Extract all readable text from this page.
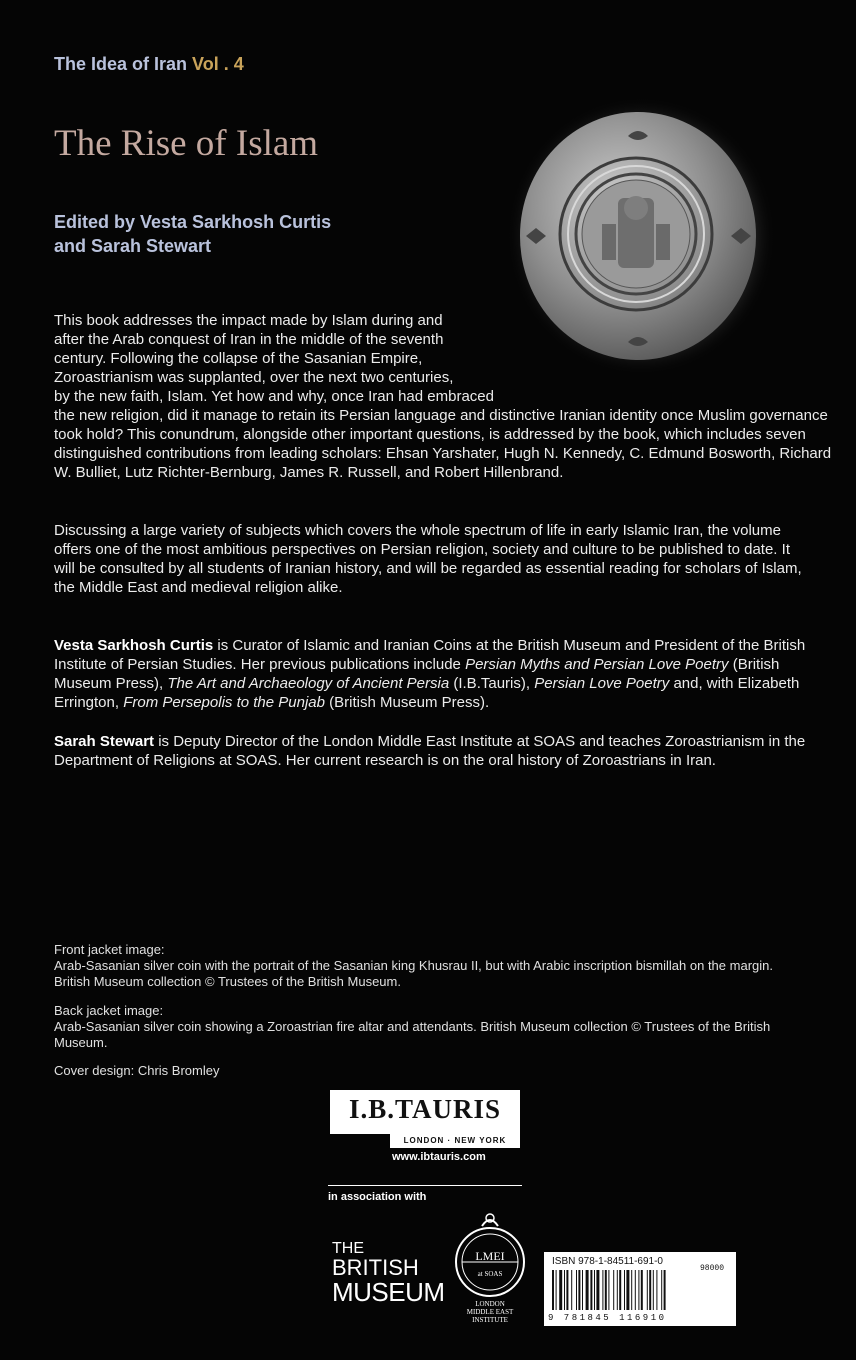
The Idea of Iran Vol . 4
The Rise of Islam
Edited by Vesta Sarkhosh Curtis
and Sarah Stewart
This book addresses the impact made by Islam during and
after the Arab conquest of Iran in the middle of the seventh
century. Following the collapse of the Sasanian Empire,
Zoroastrianism was supplanted, over the next two centuries,
by the new faith, Islam. Yet how and why, once Iran had embraced
the new religion, did it manage to retain its Persian language and distinctive Iranian identity once Muslim governance took hold? This conundrum, alongside other important questions, is addressed by the book, which includes seven distinguished contributions from leading scholars: Ehsan Yarshater, Hugh N. Kennedy, C. Edmund Bosworth, Richard W. Bulliet, Lutz Richter-Bernburg, James R. Russell, and Robert Hillenbrand.
Discussing a large variety of subjects which covers the whole spectrum of life in early Islamic Iran, the volume offers one of the most ambitious perspectives on Persian religion, society and culture to be published to date. It will be consulted by all students of Iranian history, and will be regarded as essential reading for scholars of Islam, the Middle East and medieval religion alike.
Vesta Sarkhosh Curtis is Curator of Islamic and Iranian Coins at the British Museum and President of the British Institute of Persian Studies. Her previous publications include Persian Myths and Persian Love Poetry (British Museum Press), The Art and Archaeology of Ancient Persia (I.B.Tauris), Persian Love Poetry and, with Elizabeth Errington, From Persepolis to the Punjab (British Museum Press).
Sarah Stewart is Deputy Director of the London Middle East Institute at SOAS and teaches Zoroastrianism in the Department of Religions at SOAS. Her current research is on the oral history of Zoroastrians in Iran.
Front jacket image:
Arab-Sasanian silver coin with the portrait of the Sasanian king Khusrau II, but with Arabic inscription bismillah on the margin. British Museum collection © Trustees of the British Museum.
Back jacket image:
Arab-Sasanian silver coin showing a Zoroastrian fire altar and attendants. British Museum collection © Trustees of the British Museum.
Cover design: Chris Bromley
I.B.TAURIS
LONDON · NEW YORK
www.ibtauris.com
in association with
THE
BRITISH
MUSEUM
LMEI
at SOAS
LONDON
MIDDLE EAST
INSTITUTE
ISBN 978-1-84511-691-0
98000
9 781845 116910
